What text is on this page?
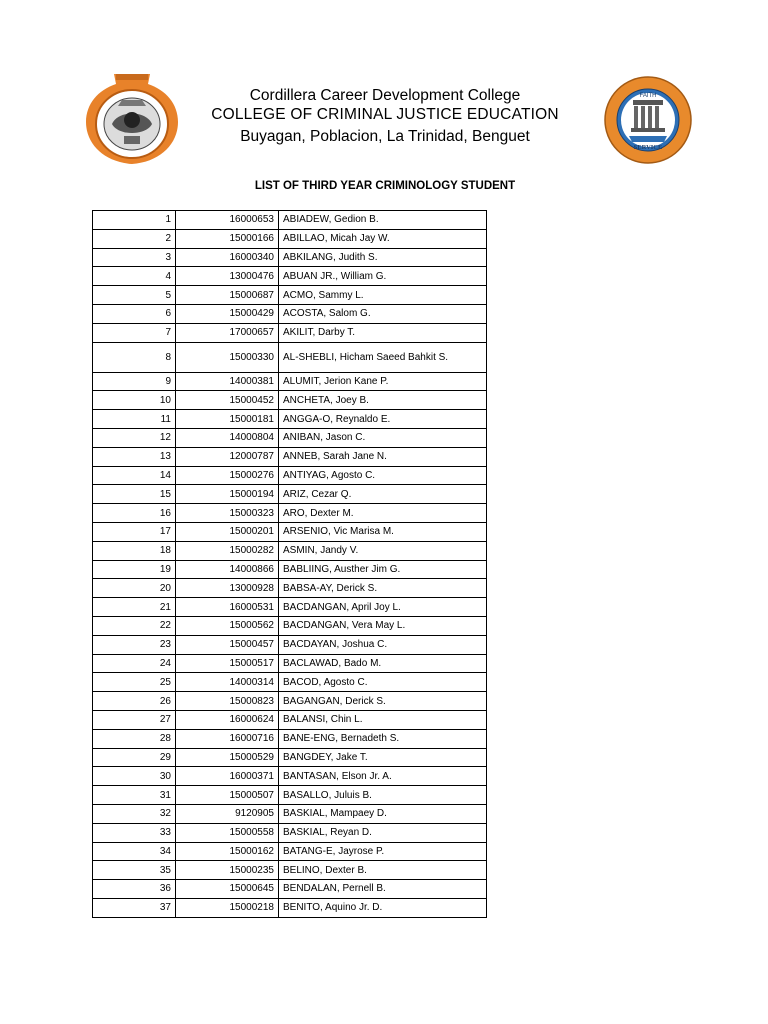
Cordillera Career Development College
COLLEGE OF CRIMINAL JUSTICE EDUCATION
Buyagan, Poblacion, La Trinidad, Benguet
FAITH
SERVICE
LIST OF THIRD YEAR CRIMINOLOGY STUDENT
1	16000653	ABIADEW, Gedion B.
2	15000166	ABILLAO, Micah Jay W.
3	16000340	ABKILANG, Judith S.
4	13000476	ABUAN JR., William G.
5	15000687	ACMO, Sammy L.
6	15000429	ACOSTA, Salom G.
7	17000657	AKILIT, Darby T.
8	15000330	AL-SHEBLI, Hicham Saeed Bahkit S.
9	14000381	ALUMIT, Jerion Kane P.
10	15000452	ANCHETA, Joey B.
11	15000181	ANGGA-O, Reynaldo E.
12	14000804	ANIBAN, Jason C.
13	12000787	ANNEB, Sarah Jane N.
14	15000276	ANTIYAG, Agosto C.
15	15000194	ARIZ, Cezar Q.
16	15000323	ARO, Dexter M.
17	15000201	ARSENIO, Vic Marisa M.
18	15000282	ASMIN, Jandy V.
19	14000866	BABLIING, Austher Jim G.
20	13000928	BABSA-AY, Derick S.
21	16000531	BACDANGAN, April Joy L.
22	15000562	BACDANGAN, Vera May L.
23	15000457	BACDAYAN, Joshua C.
24	15000517	BACLAWAD, Bado M.
25	14000314	BACOD, Agosto C.
26	15000823	BAGANGAN, Derick S.
27	16000624	BALANSI, Chin L.
28	16000716	BANE-ENG, Bernadeth S.
29	15000529	BANGDEY, Jake T.
30	16000371	BANTASAN, Elson Jr. A.
31	15000507	BASALLO, Juluis B.
32	9120905	BASKIAL, Mampaey D.
33	15000558	BASKIAL, Reyan D.
34	15000162	BATANG-E, Jayrose P.
35	15000235	BELINO, Dexter B.
36	15000645	BENDALAN, Pernell B.
37	15000218	BENITO, Aquino Jr. D.
